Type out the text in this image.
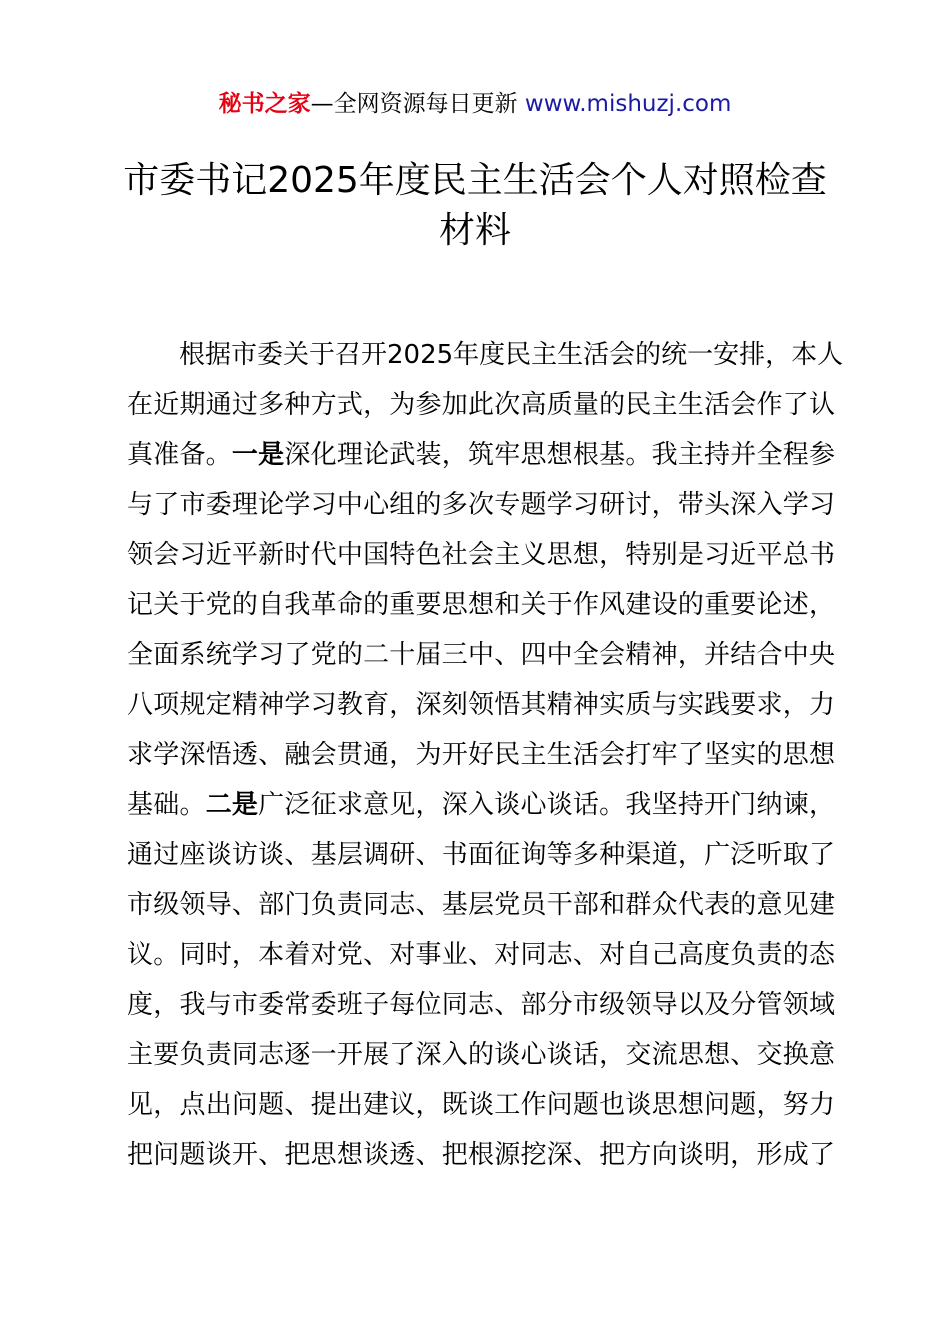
秘书之家—全网资源每日更新 www.mishuzj.com
市委书记2025年度民主生活会个人对照检查
材料
根据市委关于召开2025年度民主生活会的统一安排，本人
在近期通过多种方式，为参加此次高质量的民主生活会作了认
真准备。一是深化理论武装，筑牢思想根基。我主持并全程参
与了市委理论学习中心组的多次专题学习研讨，带头深入学习
领会习近平新时代中国特色社会主义思想，特别是习近平总书
记关于党的自我革命的重要思想和关于作风建设的重要论述，
全面系统学习了党的二十届三中、四中全会精神，并结合中央
八项规定精神学习教育，深刻领悟其精神实质与实践要求，力
求学深悟透、融会贯通，为开好民主生活会打牢了坚实的思想
基础。二是广泛征求意见，深入谈心谈话。我坚持开门纳谏，
通过座谈访谈、基层调研、书面征询等多种渠道，广泛听取了
市级领导、部门负责同志、基层党员干部和群众代表的意见建
议。同时，本着对党、对事业、对同志、对自己高度负责的态
度，我与市委常委班子每位同志、部分市级领导以及分管领域
主要负责同志逐一开展了深入的谈心谈话，交流思想、交换意
见，点出问题、提出建议，既谈工作问题也谈思想问题，努力
把问题谈开、把思想谈透、把根源挖深、把方向谈明，形成了
